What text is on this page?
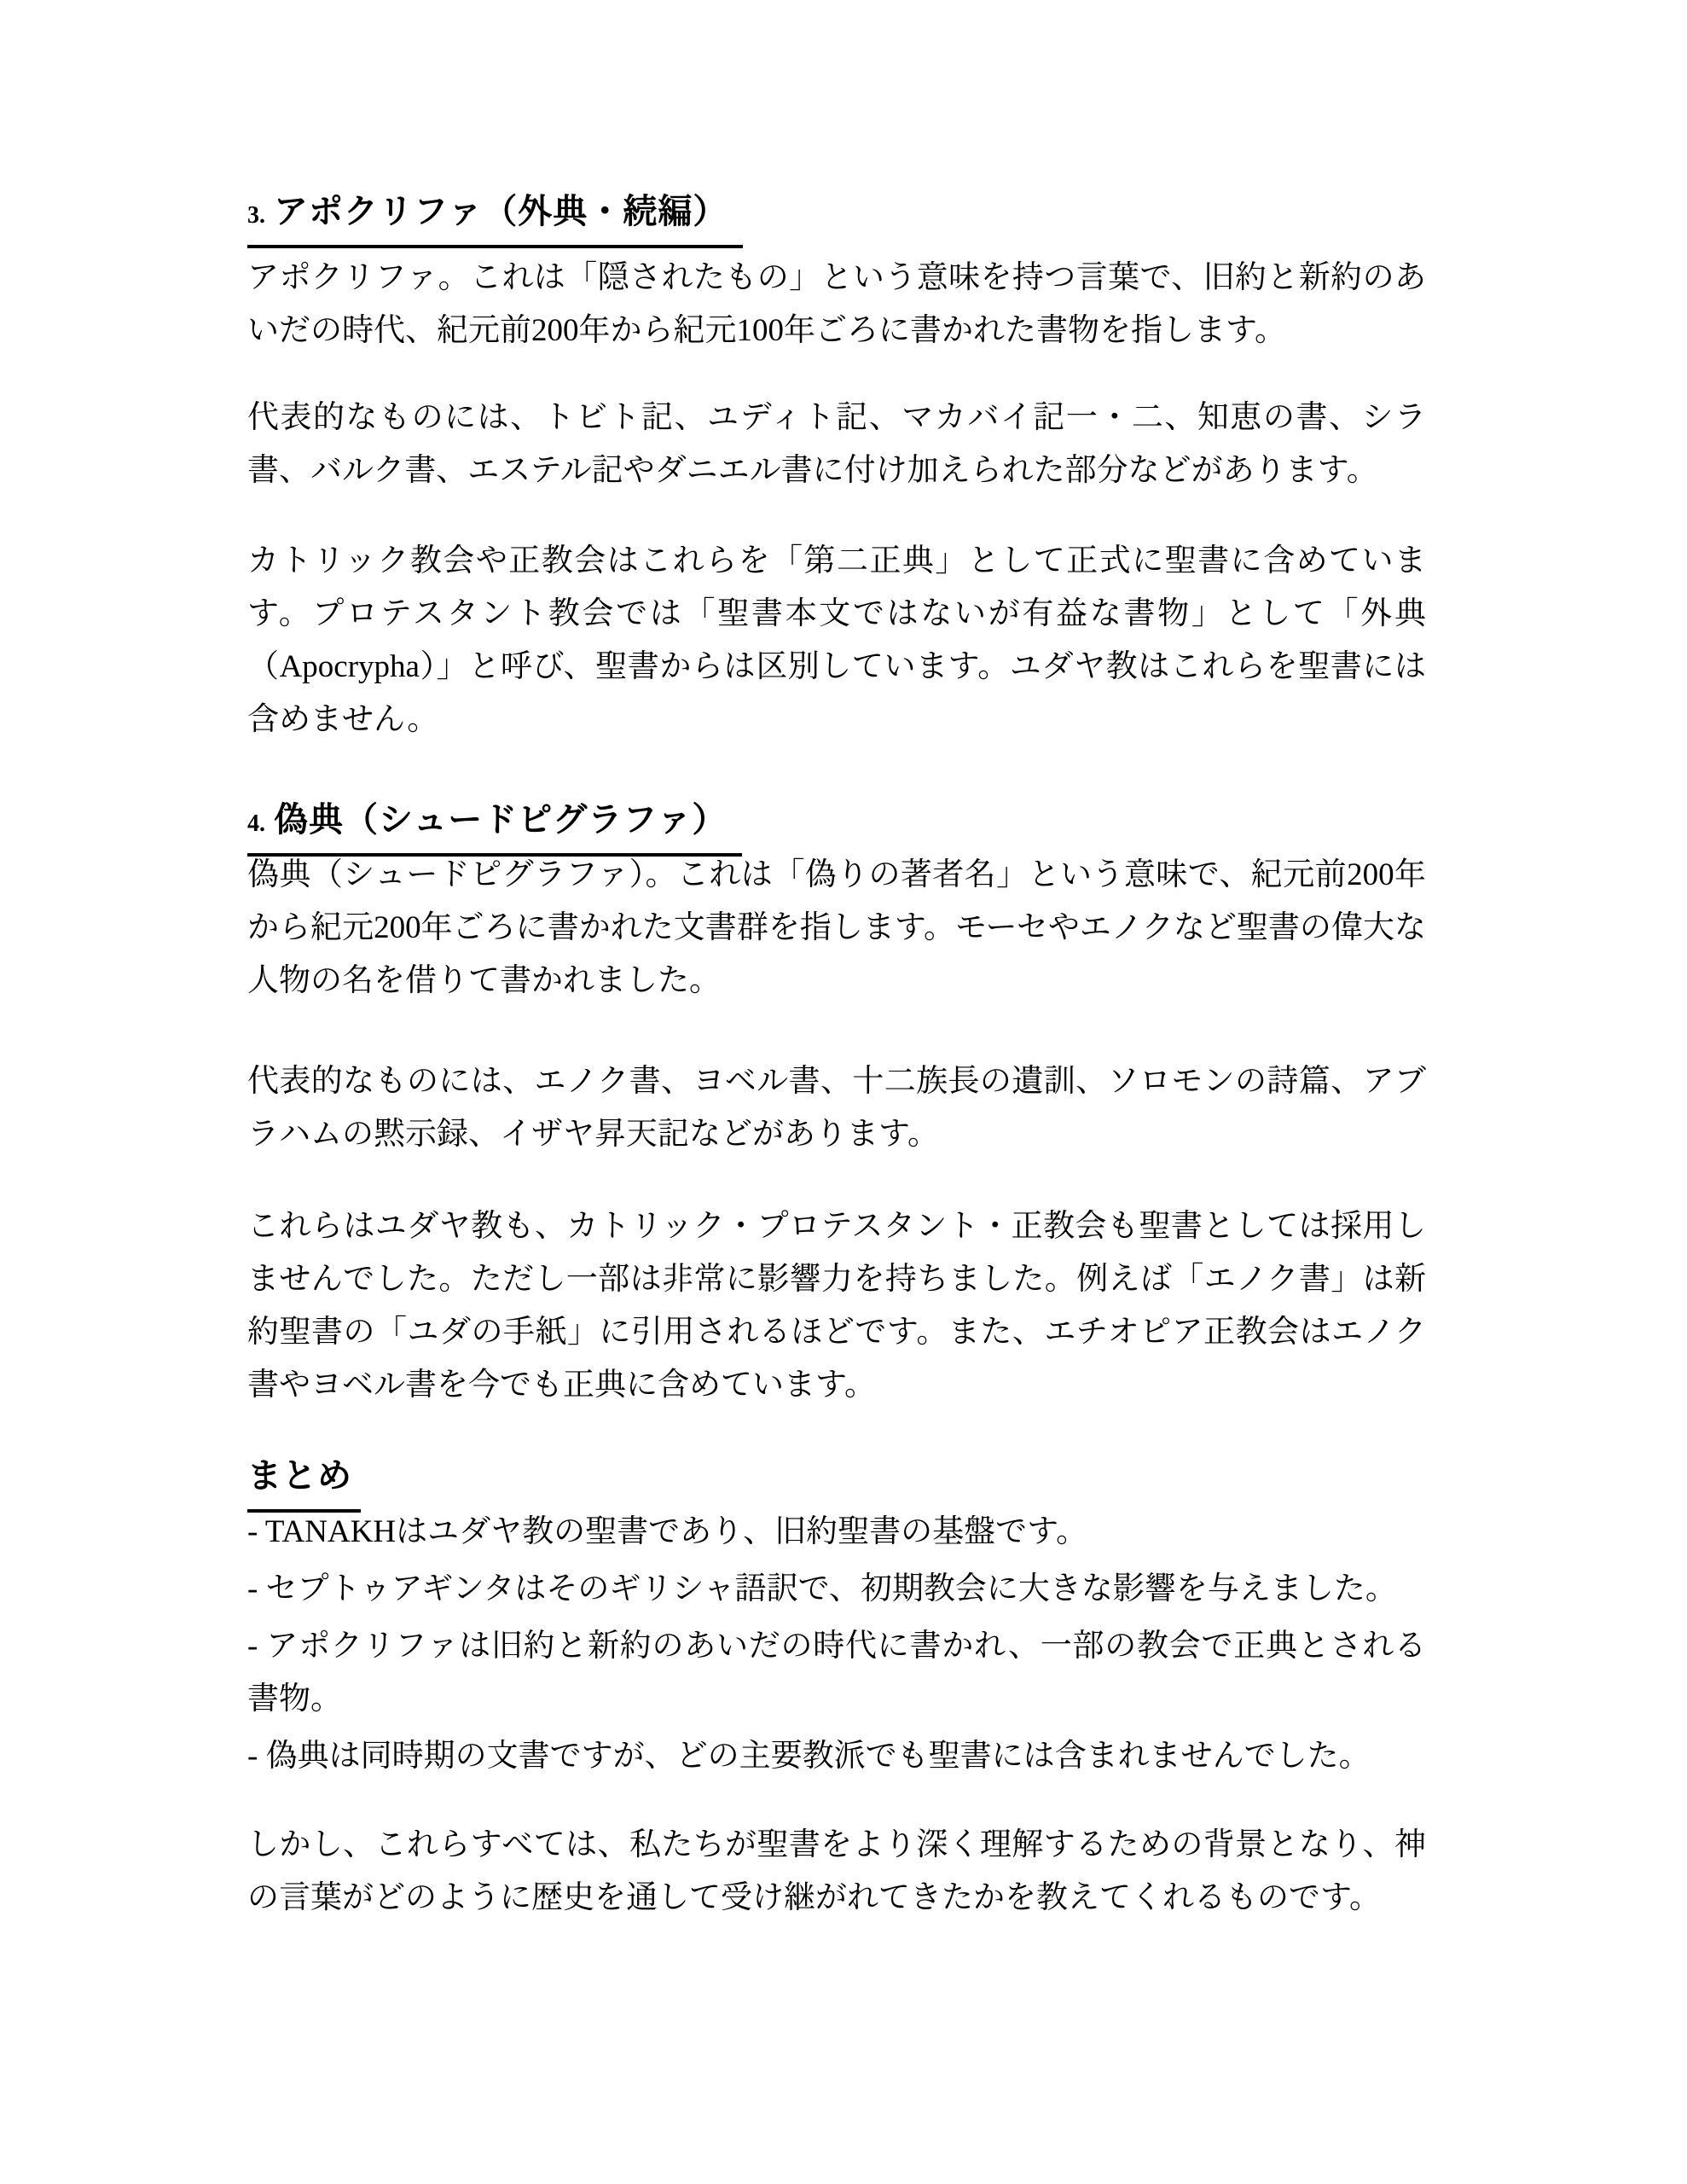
3. アポクリファ（外典・続編）

アポクリファ。これは「隠されたもの」という意味を持つ言葉で、旧約と新約のあいだの時代、紀元前200年から紀元100年ごろに書かれた書物を指します。

代表的なものには、トビト記、ユディト記、マカバイ記一・二、知恵の書、シラ書、バルク書、エステル記やダニエル書に付け加えられた部分などがあります。

カトリック教会や正教会はこれらを「第二正典」として正式に聖書に含めています。プロテスタント教会では「聖書本文ではないが有益な書物」として「外典（Apocrypha）」と呼び、聖書からは区別しています。ユダヤ教はこれらを聖書には含めません。

4. 偽典（シュードピグラファ）

偽典（シュードピグラファ）。これは「偽りの著者名」という意味で、紀元前200年から紀元200年ごろに書かれた文書群を指します。モーセやエノクなど聖書の偉大な人物の名を借りて書かれました。

代表的なものには、エノク書、ヨベル書、十二族長の遺訓、ソロモンの詩篇、アブラハムの黙示録、イザヤ昇天記などがあります。

これらはユダヤ教も、カトリック・プロテスタント・正教会も聖書としては採用しませんでした。ただし一部は非常に影響力を持ちました。例えば「エノク書」は新約聖書の「ユダの手紙」に引用されるほどです。また、エチオピア正教会はエノク書やヨベル書を今でも正典に含めています。

まとめ

- TANAKHはユダヤ教の聖書であり、旧約聖書の基盤です。

- セプトゥアギンタはそのギリシャ語訳で、初期教会に大きな影響を与えました。

- アポクリファは旧約と新約のあいだの時代に書かれ、一部の教会で正典とされる書物。

- 偽典は同時期の文書ですが、どの主要教派でも聖書には含まれませんでした。

しかし、これらすべては、私たちが聖書をより深く理解するための背景となり、神の言葉がどのように歴史を通して受け継がれてきたかを教えてくれるものです。
